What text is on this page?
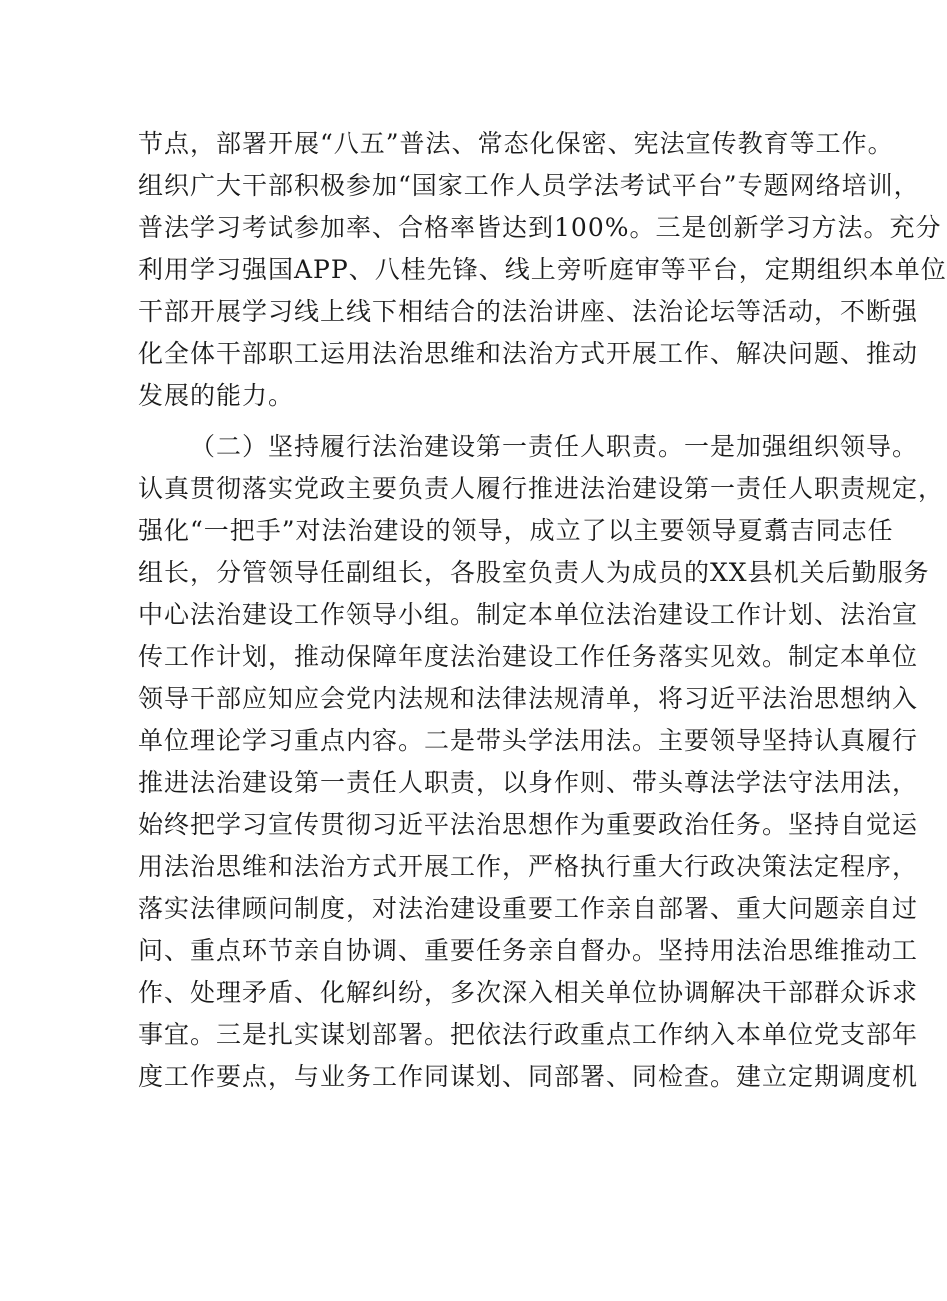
节点，部署开展“八五”普法、常态化保密、宪法宣传教育等工作。
组织广大干部积极参加“国家工作人员学法考试平台”专题网络培训，
普法学习考试参加率、合格率皆达到100%。三是创新学习方法。充分
利用学习强国APP、八桂先锋、线上旁听庭审等平台，定期组织本单位
干部开展学习线上线下相结合的法治讲座、法治论坛等活动，不断强
化全体干部职工运用法治思维和法治方式开展工作、解决问题、推动
发展的能力。
（二）坚持履行法治建设第一责任人职责。一是加强组织领导。
认真贯彻落实党政主要负责人履行推进法治建设第一责任人职责规定，
强化“一把手”对法治建设的领导，成立了以主要领导夏翥吉同志任
组长，分管领导任副组长，各股室负责人为成员的XX县机关后勤服务
中心法治建设工作领导小组。制定本单位法治建设工作计划、法治宣
传工作计划，推动保障年度法治建设工作任务落实见效。制定本单位
领导干部应知应会党内法规和法律法规清单，将习近平法治思想纳入
单位理论学习重点内容。二是带头学法用法。主要领导坚持认真履行
推进法治建设第一责任人职责，以身作则、带头尊法学法守法用法，
始终把学习宣传贯彻习近平法治思想作为重要政治任务。坚持自觉运
用法治思维和法治方式开展工作，严格执行重大行政决策法定程序，
落实法律顾问制度，对法治建设重要工作亲自部署、重大问题亲自过
问、重点环节亲自协调、重要任务亲自督办。坚持用法治思维推动工
作、处理矛盾、化解纠纷，多次深入相关单位协调解决干部群众诉求
事宜。三是扎实谋划部署。把依法行政重点工作纳入本单位党支部年
度工作要点，与业务工作同谋划、同部署、同检查。建立定期调度机
